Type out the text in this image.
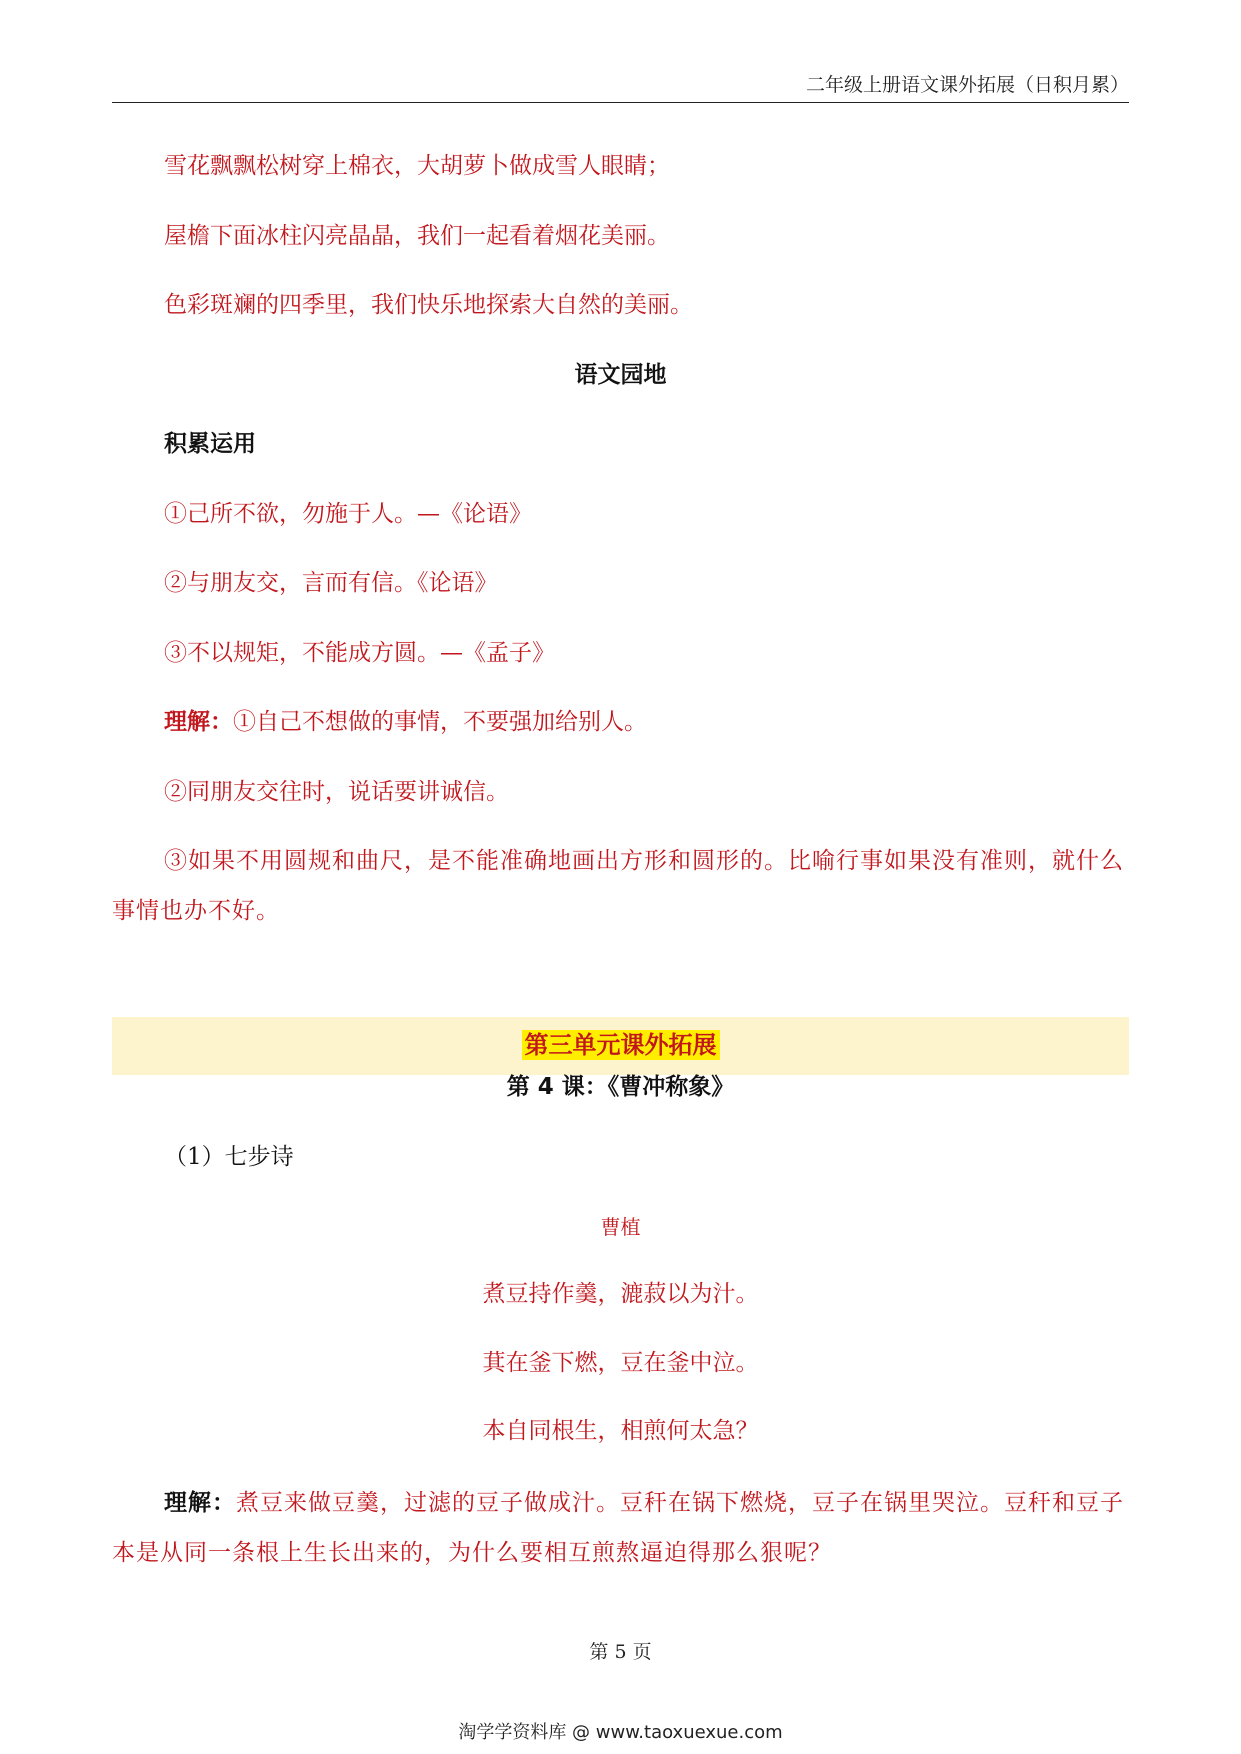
二年级上册语文课外拓展（日积月累）
雪花飘飘松树穿上棉衣，大胡萝卜做成雪人眼睛；
屋檐下面冰柱闪亮晶晶，我们一起看着烟花美丽。
色彩斑斓的四季里，我们快乐地探索大自然的美丽。
语文园地
积累运用
①己所不欲，勿施于人。—《论语》
②与朋友交，言而有信。《论语》
③不以规矩，不能成方圆。—《孟子》
理解：①自己不想做的事情，不要强加给别人。
②同朋友交往时，说话要讲诚信。
③如果不用圆规和曲尺，是不能准确地画出方形和圆形的。比喻行事如果没有准则，就什么事情也办不好。
第三单元课外拓展
第 4 课：《曹冲称象》
（1）七步诗
曹植
煮豆持作羹，漉菽以为汁。
萁在釜下燃，豆在釜中泣。
本自同根生，相煎何太急？
理解：煮豆来做豆羹，过滤的豆子做成汁。豆秆在锅下燃烧，豆子在锅里哭泣。豆秆和豆子本是从同一条根上生长出来的，为什么要相互煎熬逼迫得那么狠呢？
第 5 页
淘学学资料库 @ www.taoxuexue.com
